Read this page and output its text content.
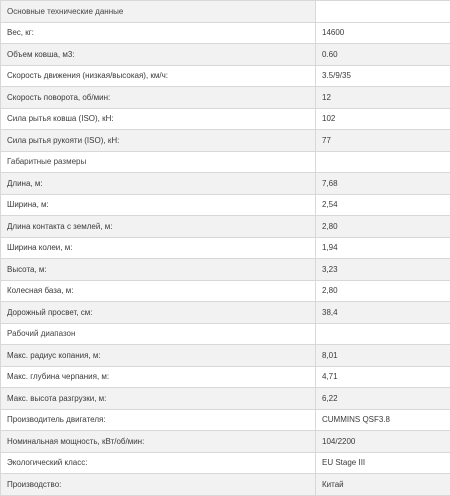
Основные технические данные	
Вес, кг:	14600
Объем ковша, м3:	0.60
Скорость движения (низкая/высокая), км/ч:	3.5/9/35
Скорость поворота, об/мин:	12
Сила рытья ковша (ISO), кН:	102
Сила рытья рукояти (ISO), кН:	77
Габаритные размеры	
Длина, м:	7,68
Ширина, м:	2,54
Длина контакта с землей, м:	2,80
Ширина колеи, м:	1,94
Высота, м:	3,23
Колесная база, м:	2,80
Дорожный просвет, см:	38,4
Рабочий диапазон	
Макс. радиус копания, м:	8,01
Макс. глубина черпания, м:	4,71
Макс. высота разгрузки, м:	6,22
Производитель двигателя:	CUMMINS QSF3.8
Номинальная мощность, кВт/об/мин:	104/2200
Экологический класс:	EU Stage III
Производство:	Китай
